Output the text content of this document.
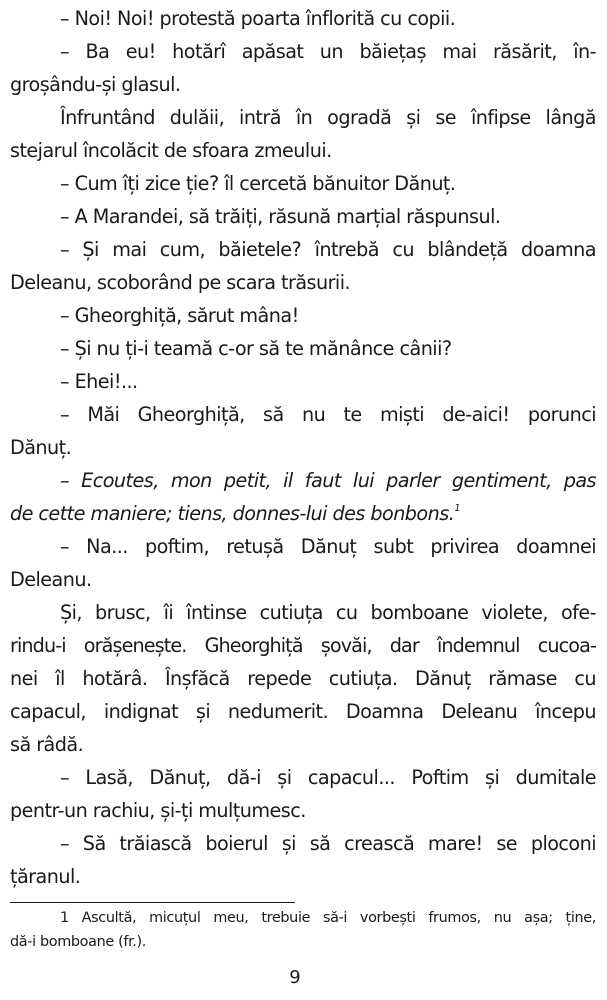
– Noi! Noi! protestă poarta înflorită cu copii.
– Ba eu! hotărî apăsat un băiețaș mai răsărit, în-
groșându-și glasul.
Înfruntând dulăii, intră în ogradă și se înfipse lângă
stejarul încolăcit de sfoara zmeului.
– Cum îți zice ție? îl cercetă bănuitor Dănuț.
– A Marandei, să trăiți, răsună marțial răspunsul.
– Și mai cum, băietele? întrebă cu blândeță doamna
Deleanu, scoborând pe scara trăsurii.
– Gheorghiță, sărut mâna!
– Și nu ți-i teamă c-or să te mănânce cânii?
– Ehei!...
– Măi Gheorghiță, să nu te miști de-aici! porunci
Dănuț.
– Ecoutes, mon petit, il faut lui parler gentiment, pas
de cette maniere; tiens, donnes-lui des bonbons.$^1$
– Na... poftim, retușă Dănuț subt privirea doamnei
Deleanu.
Și, brusc, îi întinse cutiuța cu bomboane violete, ofe-
rindu-i orășenește. Gheorghiță șovăi, dar îndemnul cucoa-
nei îl hotărâ. Înșfăcă repede cutiuța. Dănuț rămase cu
capacul, indignat și nedumerit. Doamna Deleanu începu
să râdă.
– Lasă, Dănuț, dă-i și capacul... Poftim și dumitale
pentr-un rachiu, și-ți mulțumesc.
– Să trăiască boierul și să crească mare! se ploconi
țăranul.
1 Ascultă, micuțul meu, trebuie să-i vorbești frumos, nu așa; ține,
dă-i bomboane (fr.).
9
